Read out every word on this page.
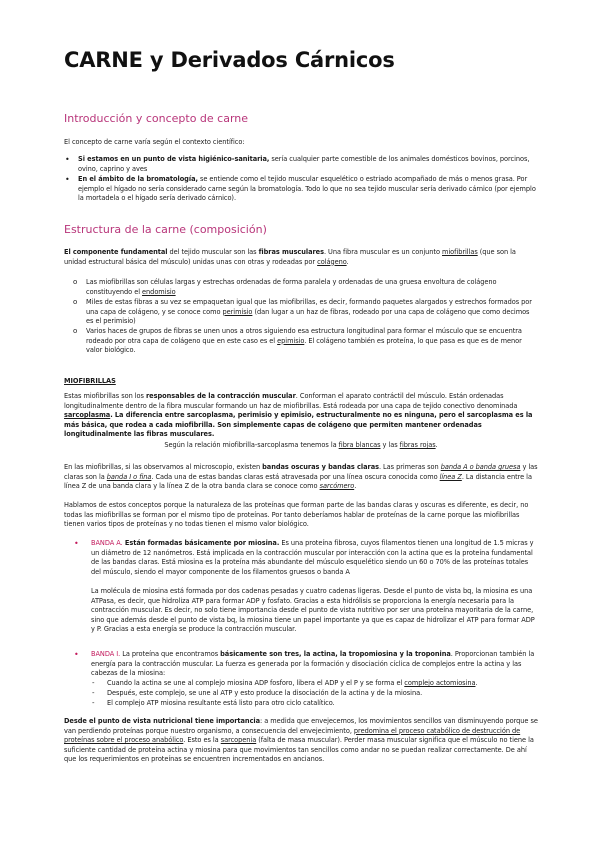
CARNE y Derivados Cárnicos
Introducción y concepto de carne

El concepto de carne varía según el contexto científico:

• Si estamos en un punto de vista higiénico-sanitaria, sería cualquier parte comestible de los animales domésticos bovinos, porcinos, ovino, caprino y aves

• En el ámbito de la bromatología, se entiende como el tejido muscular esquelético o estriado acompañado de más o menos grasa. Por ejemplo el hígado no sería considerado carne según la bromatología. Todo lo que no sea tejido muscular sería derivado cárnico (por ejemplo la mortadela o el hígado sería derivado cárnico).

Estructura de la carne (composición)

El componente fundamental del tejido muscular son las fibras musculares. Una fibra muscular es un conjunto miofibrillas (que son la unidad estructural básica del músculo) unidas unas con otras y rodeadas por colágeno.

o Las miofibrillas son células largas y estrechas ordenadas de forma paralela y ordenadas de una gruesa envoltura de colágeno constituyendo el endomisio

o Miles de estas fibras a su vez se empaquetan igual que las miofibrillas, es decir, formando paquetes alargados y estrechos formados por una capa de colágeno, y se conoce como perimisio (dan lugar a un haz de fibras, rodeado por una capa de colágeno que como decimos es el perimisio)

o Varios haces de grupos de fibras se unen unos a otros siguiendo esa estructura longitudinal para formar el músculo que se encuentra rodeado por otra capa de colágeno que en este caso es el epimisio. El colágeno también es proteína, lo que pasa es que es de menor valor biológico.

MIOFIBRILLAS

Estas miofibrillas son los responsables de la contracción muscular. Conforman el aparato contráctil del músculo. Están ordenadas longitudinalmente dentro de la fibra muscular formando un haz de miofibrillas. Está rodeada por una capa de tejido conectivo denominada sarcoplasma. La diferencia entre sarcoplasma, perimisio y epimisio, estructuralmente no es ninguna, pero el sarcoplasma es la más básica, que rodea a cada miofibrilla. Son simplemente capas de colágeno que permiten mantener ordenadas longitudinalmente las fibras musculares.

Según la relación miofibrilla-sarcoplasma tenemos la fibra blancas y las fibras rojas.

En las miofibrillas, si las observamos al microscopio, existen bandas oscuras y bandas claras. Las primeras son banda A o banda gruesa y las claras son la banda I o fina. Cada una de estas bandas claras está atravesada por una línea oscura conocida como línea Z. La distancia entre la línea Z de una banda clara y la línea Z de la otra banda clara se conoce como sarcómero.

Hablamos de estos conceptos porque la naturaleza de las proteínas que forman parte de las bandas claras y oscuras es diferente, es decir, no todas las miofibrillas se forman por el mismo tipo de proteínas. Por tanto deberíamos hablar de proteínas de la carne porque las miofibrillas tienen varios tipos de proteínas y no todas tienen el mismo valor biológico.

• BANDA A. Están formadas básicamente por miosina. Es una proteína fibrosa, cuyos filamentos tienen una longitud de 1.5 micras y un diámetro de 12 nanómetros. Está implicada en la contracción muscular por interacción con la actina que es la proteína fundamental de las bandas claras. Está miosina es la proteína más abundante del músculo esquelético siendo un 60 o 70% de las proteínas totales del músculo, siendo el mayor componente de los filamentos gruesos o banda A

La molécula de miosina está formada por dos cadenas pesadas y cuatro cadenas ligeras. Desde el punto de vista bq, la miosina es una ATPasa, es decir, que hidroliza ATP para formar ADP y fosfato. Gracias a esta hidrólisis se proporciona la energía necesaria para la contracción muscular. Es decir, no solo tiene importancia desde el punto de vista nutritivo por ser una proteína mayoritaria de la carne, sino que además desde el punto de vista bq, la miosina tiene un papel importante ya que es capaz de hidrolizar el ATP para formar ADP y P. Gracias a esta energía se produce la contracción muscular.

• BANDA I. La proteína que encontramos básicamente son tres, la actina, la tropomiosina y la troponina. Proporcionan también la energía para la contracción muscular. La fuerza es generada por la formación y disociación cíclica de complejos entre la actina y las cabezas de la miosina:

- Cuando la actina se une al complejo miosina ADP fosforo, libera el ADP y el P y se forma el complejo actomiosina.

- Después, este complejo, se une al ATP y esto produce la disociación de la actina y de la miosina.

- El complejo ATP miosina resultante está listo para otro ciclo catalítico.

Desde el punto de vista nutricional tiene importancia: a medida que envejecemos, los movimientos sencillos van disminuyendo porque se van perdiendo proteínas porque nuestro organismo, a consecuencia del envejecimiento, predomina el proceso catabólico de destrucción de proteínas sobre el proceso anabólico. Esto es la sarcopenia (falta de masa muscular). Perder masa muscular significa que el músculo no tiene la suficiente cantidad de proteína actina y miosina para que movimientos tan sencillos como andar no se puedan realizar correctamente. De ahí que los requerimientos en proteínas se encuentren incrementados en ancianos.
